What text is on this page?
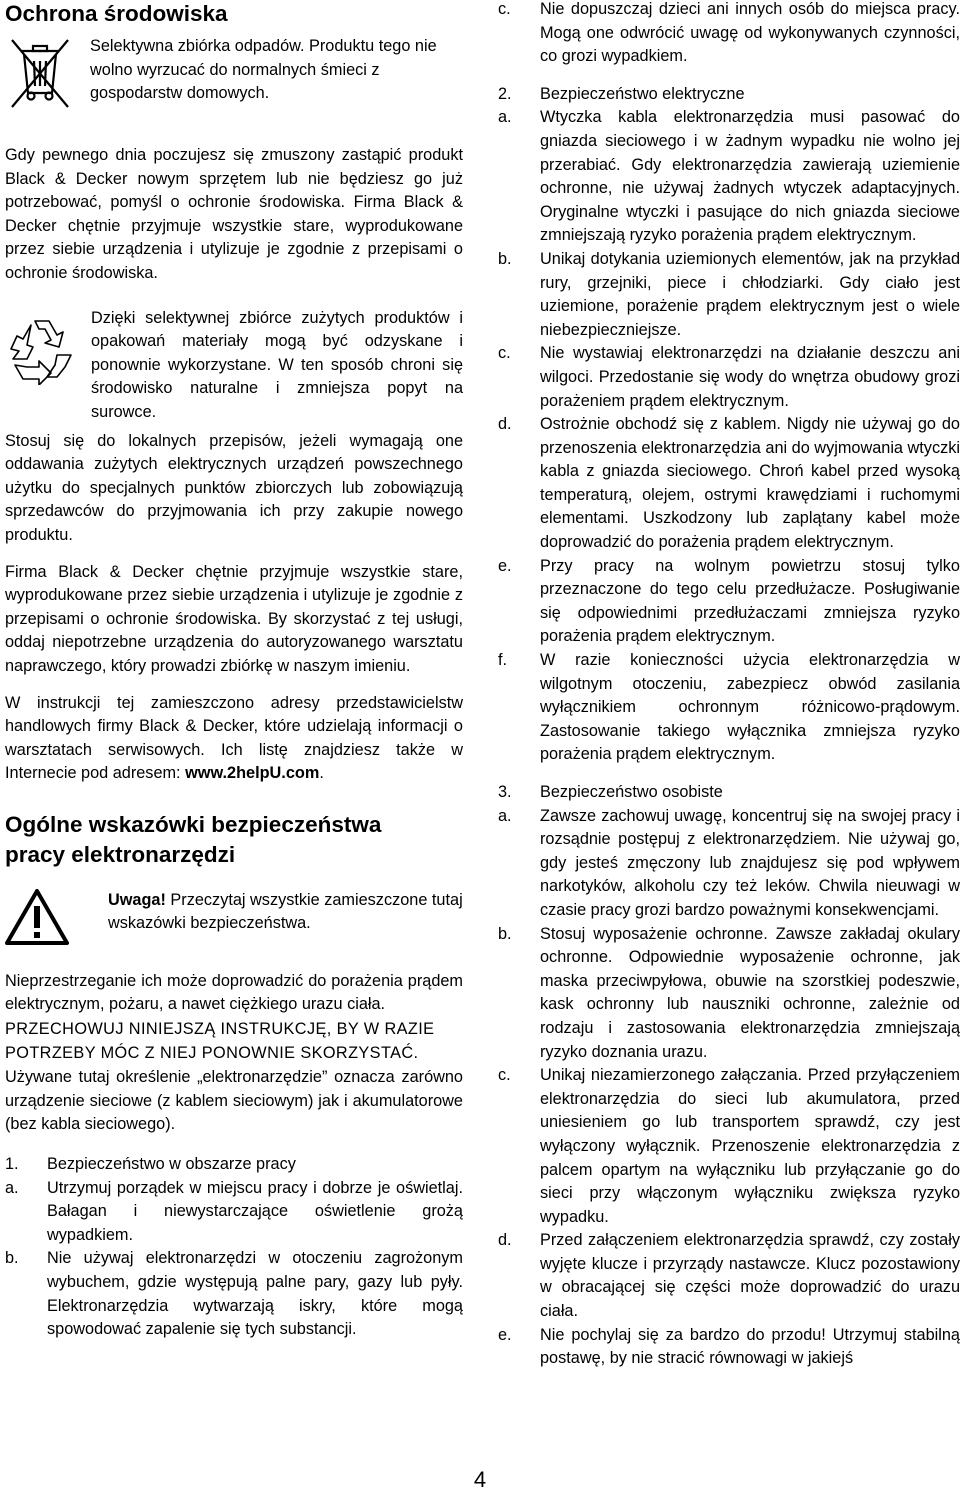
Ochrona środowiska

Selektywna zbiórka odpadów. Produktu tego nie wolno wyrzucać do normalnych śmieci z gospodarstw domowych.

Gdy pewnego dnia poczujesz się zmuszony zastąpić produkt Black & Decker nowym sprzętem lub nie będziesz go już potrzebować, pomyśl o ochronie środowiska. Firma Black & Decker chętnie przyjmuje wszystkie stare, wyprodukowane przez siebie urządzenia i utylizuje je zgodnie z przepisami o ochronie środowiska.

Dzięki selektywnej zbiórce zużytych produktów i opakowań materiały mogą być odzyskane i ponownie wykorzystane. W ten sposób chroni się środowisko naturalne i zmniejsza popyt na surowce.

Stosuj się do lokalnych przepisów, jeżeli wymagają one oddawania zużytych elektrycznych urządzeń powszechnego użytku do specjalnych punktów zbiorczych lub zobowiązują sprzedawców do przyjmowania ich przy zakupie nowego produktu.

Firma Black & Decker chętnie przyjmuje wszystkie stare, wyprodukowane przez siebie urządzenia i utylizuje je zgodnie z przepisami o ochronie środowiska. By skorzystać z tej usługi, oddaj niepotrzebne urządzenia do autoryzowanego warsztatu naprawczego, który prowadzi zbiórkę w naszym imieniu.

W instrukcji tej zamieszczono adresy przedstawicielstw handlowych firmy Black & Decker, które udzielają informacji o warsztatach serwisowych. Ich listę znajdziesz także w Internecie pod adresem: www.2helpU.com.

Ogólne wskazówki bezpieczeństwa
pracy elektronarzędzi

Uwaga! Przeczytaj wszystkie zamieszczone tutaj wskazówki bezpieczeństwa.

Nieprzestrzeganie ich może doprowadzić do porażenia prądem elektrycznym, pożaru, a nawet ciężkiego urazu ciała.

PRZECHOWUJ NINIEJSZĄ INSTRUKCJĘ, BY W RAZIE POTRZEBY MÓC Z NIEJ PONOWNIE SKORZYSTAĆ.

Używane tutaj określenie „elektronarzędzie” oznacza zarówno urządzenie sieciowe (z kablem sieciowym) jak i akumulatorowe (bez kabla sieciowego).

1.	Bezpieczeństwo w obszarze pracy
a.	Utrzymuj porządek w miejscu pracy i dobrze je oświetlaj. Bałagan i niewystarczające oświetlenie grożą wypadkiem.
b.	Nie używaj elektronarzędzi w otoczeniu zagrożonym wybuchem, gdzie występują palne pary, gazy lub pyły. Elektronarzędzia wytwarzają iskry, które mogą spowodować zapalenie się tych substancji.
c.	Nie dopuszczaj dzieci ani innych osób do miejsca pracy. Mogą one odwrócić uwagę od wykonywanych czynności, co grozi wypadkiem.
2.	Bezpieczeństwo elektryczne
a.	Wtyczka kabla elektronarzędzia musi pasować do gniazda sieciowego i w żadnym wypadku nie wolno jej przerabiać. Gdy elektronarzędzia zawierają uziemienie ochronne, nie używaj żadnych wtyczek adaptacyjnych. Oryginalne wtyczki i pasujące do nich gniazda sieciowe zmniejszają ryzyko porażenia prądem elektrycznym.
b.	Unikaj dotykania uziemionych elementów, jak na przykład rury, grzejniki, piece i chłodziarki. Gdy ciało jest uziemione, porażenie prądem elektrycznym jest o wiele niebezpieczniejsze.
c.	Nie wystawiaj elektronarzędzi na działanie deszczu ani wilgoci. Przedostanie się wody do wnętrza obudowy grozi porażeniem prądem elektrycznym.
d.	Ostrożnie obchodź się z kablem. Nigdy nie używaj go do przenoszenia elektronarzędzia ani do wyjmowania wtyczki kabla z gniazda sieciowego. Chroń kabel przed wysoką temperaturą, olejem, ostrymi krawędziami i ruchomymi elementami. Uszkodzony lub zaplątany kabel może doprowadzić do porażenia prądem elektrycznym.
e.	Przy pracy na wolnym powietrzu stosuj tylko przeznaczone do tego celu przedłużacze. Posługiwanie się odpowiednimi przedłużaczami zmniejsza ryzyko porażenia prądem elektrycznym.
f.	W razie konieczności użycia elektronarzędzia w wilgotnym otoczeniu, zabezpiecz obwód zasilania wyłącznikiem ochronnym różnicowo-prądowym. Zastosowanie takiego wyłącznika zmniejsza ryzyko porażenia prądem elektrycznym.
3.	Bezpieczeństwo osobiste
a.	Zawsze zachowuj uwagę, koncentruj się na swojej pracy i rozsądnie postępuj z elektronarzędziem. Nie używaj go, gdy jesteś zmęczony lub znajdujesz się pod wpływem narkotyków, alkoholu czy też leków. Chwila nieuwagi w czasie pracy grozi bardzo poważnymi konsekwencjami.
b.	Stosuj wyposażenie ochronne. Zawsze zakładaj okulary ochronne. Odpowiednie wyposażenie ochronne, jak maska przeciwpyłowa, obuwie na szorstkiej podeszwie, kask ochronny lub nauszniki ochronne, zależnie od rodzaju i zastosowania elektronarzędzia zmniejszają ryzyko doznania urazu.
c.	Unikaj niezamierzonego załączania. Przed przyłączeniem elektronarzędzia do sieci lub akumulatora, przed uniesieniem go lub transportem sprawdź, czy jest wyłączony wyłącznik. Przenoszenie elektronarzędzia z palcem opartym na wyłączniku lub przyłączanie go do sieci przy włączonym wyłączniku zwiększa ryzyko wypadku.
d.	Przed załączeniem elektronarzędzia sprawdź, czy zostały wyjęte klucze i przyrządy nastawcze. Klucz pozostawiony w obracającej się części może doprowadzić do urazu ciała.
e.	Nie pochylaj się za bardzo do przodu! Utrzymuj stabilną postawę, by nie stracić równowagi w jakiejś
4
